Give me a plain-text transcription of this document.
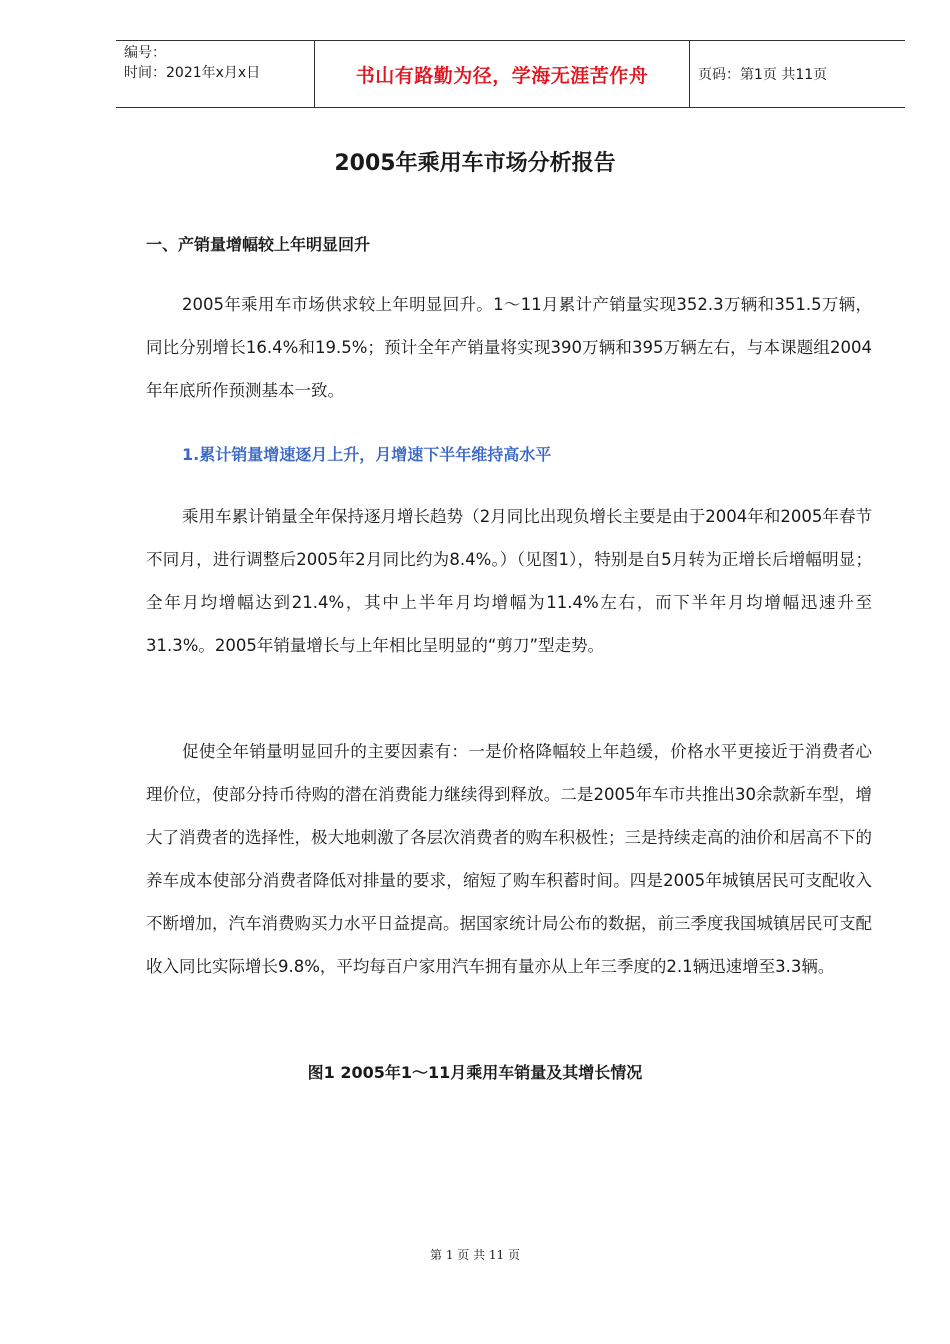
编号：
时间：2021年x月x日	书山有路勤为径，学海无涯苦作舟	页码：第1页 共11页
2005年乘用车市场分析报告
一、产销量增幅较上年明显回升

2005年乘用车市场供求较上年明显回升。1～11月累计产销量实现352.3万辆和351.5万辆，同比分别增长16.4%和19.5%；预计全年产销量将实现390万辆和395万辆左右，与本课题组2004年年底所作预测基本一致。

1.累计销量增速逐月上升，月增速下半年维持高水平

乘用车累计销量全年保持逐月增长趋势（2月同比出现负增长主要是由于2004年和2005年春节不同月，进行调整后2005年2月同比约为8.4%。）（见图1），特别是自5月转为正增长后增幅明显；全年月均增幅达到21.4%，其中上半年月均增幅为11.4%左右，而下半年月均增幅迅速升至31.3%。2005年销量增长与上年相比呈明显的“剪刀”型走势。

促使全年销量明显回升的主要因素有：一是价格降幅较上年趋缓，价格水平更接近于消费者心理价位，使部分持币待购的潜在消费能力继续得到释放。二是2005年车市共推出30余款新车型，增大了消费者的选择性，极大地刺激了各层次消费者的购车积极性；三是持续走高的油价和居高不下的养车成本使部分消费者降低对排量的要求，缩短了购车积蓄时间。四是2005年城镇居民可支配收入不断增加，汽车消费购买力水平日益提高。据国家统计局公布的数据，前三季度我国城镇居民可支配收入同比实际增长9.8%，平均每百户家用汽车拥有量亦从上年三季度的2.1辆迅速增至3.3辆。

图1 2005年1～11月乘用车销量及其增长情况
第 1 页 共 11 页
